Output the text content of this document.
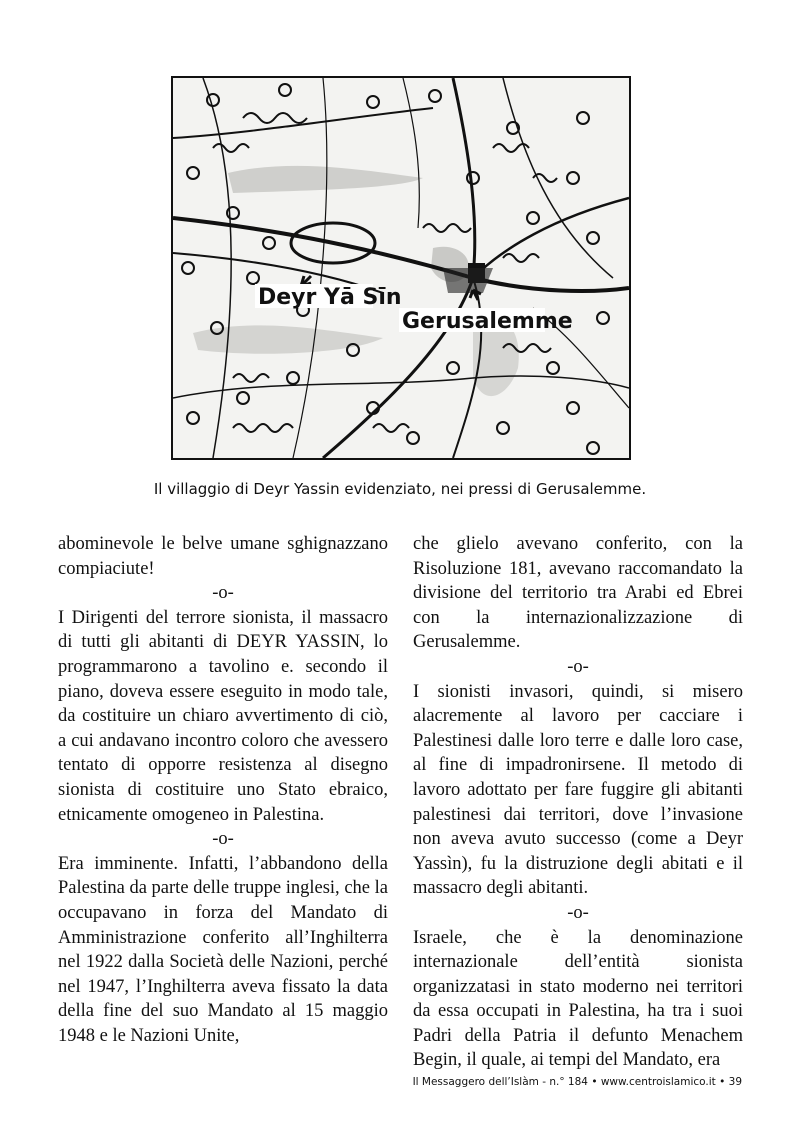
Deyr Yā Sīn
Gerusalemme
Il villaggio di Deyr Yassin evidenziato, nei pressi di Gerusalemme.

abominevole le belve umane sghignazzano compiaciute!

-o-

I Dirigenti del terrore sionista, il massacro di tutti gli abitanti di DEYR YASSIN, lo programmarono a tavolino e. secondo il piano, doveva essere eseguito in modo tale, da costituire un chiaro avvertimento di ciò, a cui andavano incontro coloro che avessero tentato di opporre resistenza al disegno sionista di costituire uno Stato ebraico, etnicamente omogeneo in Palestina.

-o-

Era imminente. Infatti, l’abbandono della Palestina da parte delle truppe inglesi, che la occupavano in forza del Mandato di Amministrazione conferito all’Inghilterra nel 1922 dalla Società delle Nazioni, perché nel 1947, l’Inghilterra aveva fissato la data della fine del suo Mandato al 15 maggio 1948 e le Nazioni Unite,

che glielo avevano conferito, con la Risoluzione 181, avevano raccomandato la divisione del territorio tra Arabi ed Ebrei con la internazionalizzazione di Gerusalemme.

-o-

I sionisti invasori, quindi, si misero alacremente al lavoro per cacciare i Palestinesi dalle loro terre e dalle loro case, al fine di impadronirsene. Il metodo di lavoro adottato per fare fuggire gli abitanti palestinesi dai territori, dove l’invasione non aveva avuto successo (come a Deyr Yassìn), fu la distruzione degli abitati e il massacro degli abitanti.

-o-

Israele, che è la denominazione internazionale dell’entità sionista organizzatasi in stato moderno nei territori da essa occupati in Palestina, ha tra i suoi Padri della Patria il defunto Menachem Begin, il quale, ai tempi del Mandato, era

Il Messaggero dell’Islàm - n.° 184 • www.centroislamico.it • 39
